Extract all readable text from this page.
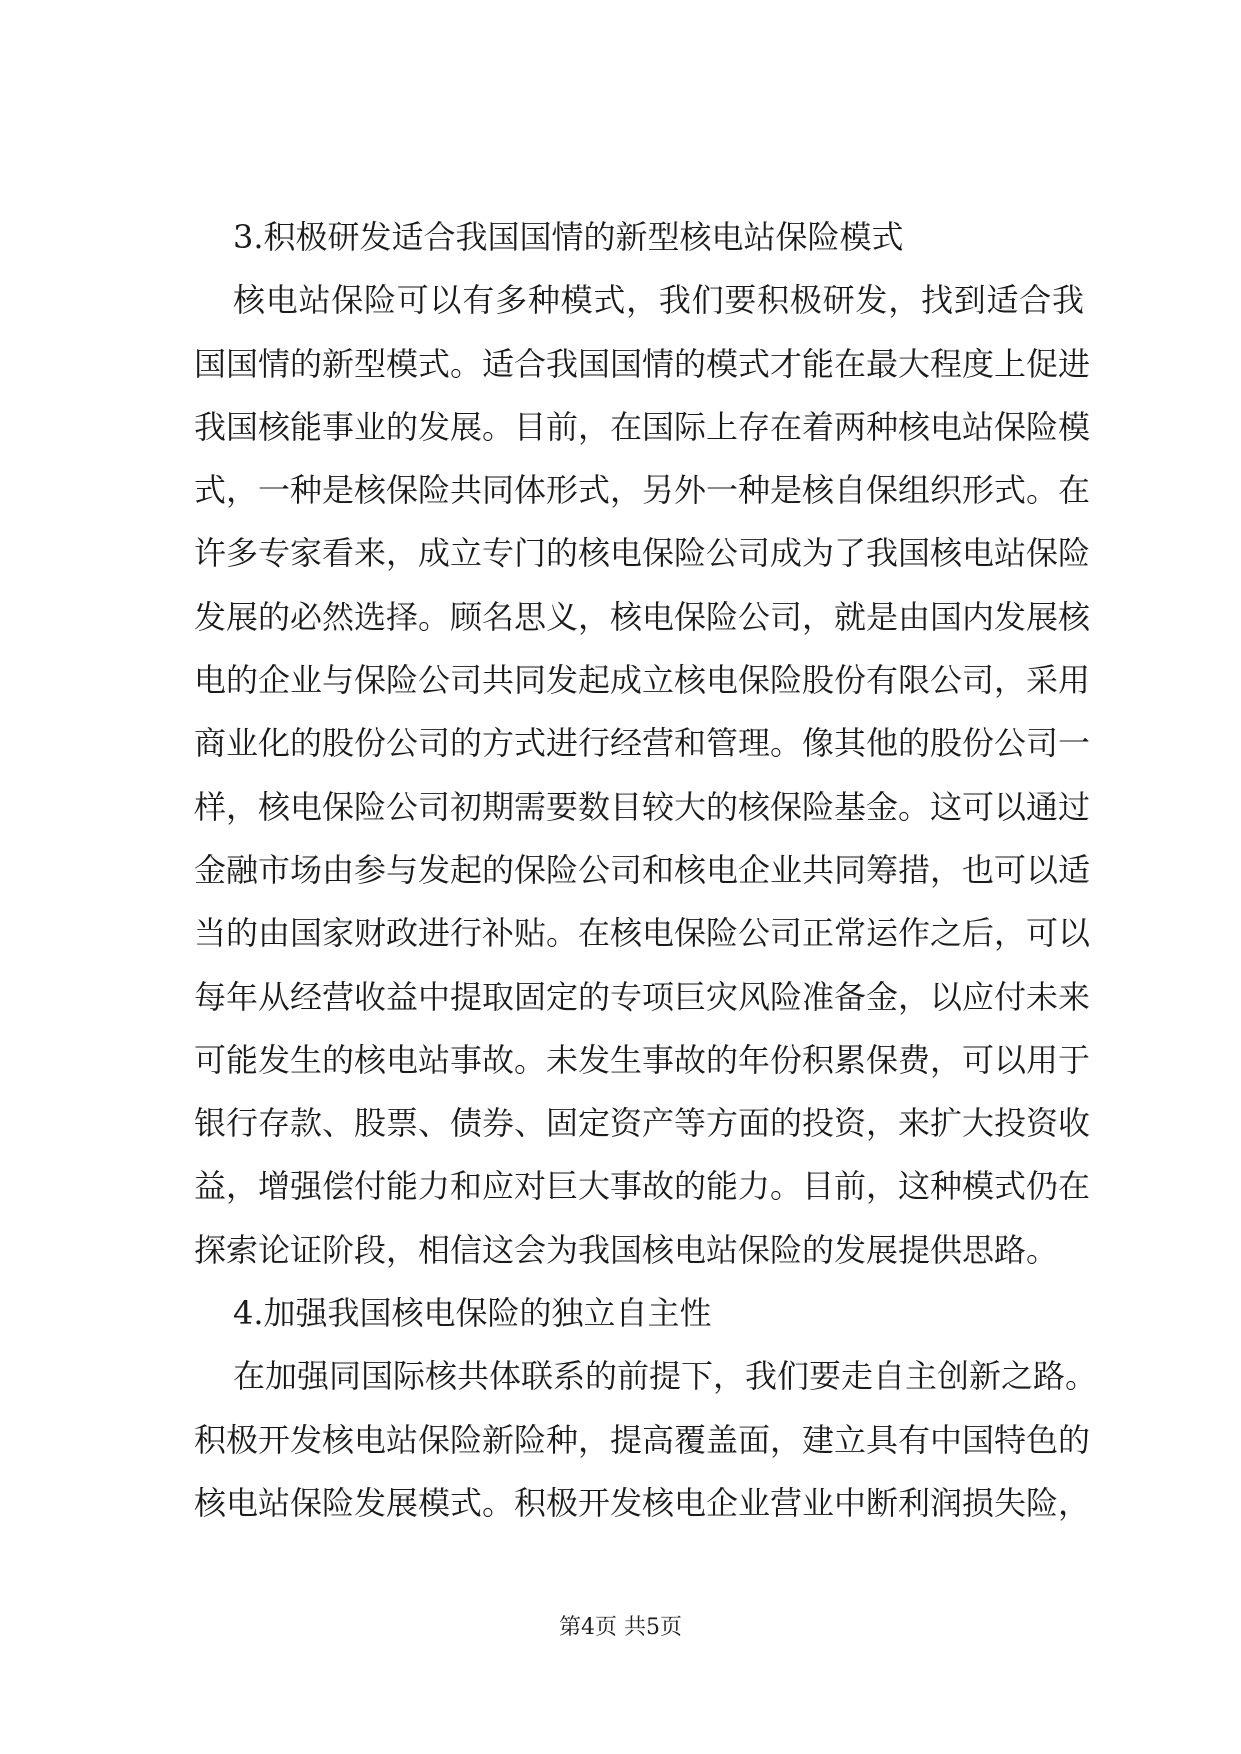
3.积极研发适合我国国情的新型核电站保险模式
核电站保险可以有多种模式，我们要积极研发，找到适合我
国国情的新型模式。适合我国国情的模式才能在最大程度上促进
我国核能事业的发展。目前，在国际上存在着两种核电站保险模
式，一种是核保险共同体形式，另外一种是核自保组织形式。在
许多专家看来，成立专门的核电保险公司成为了我国核电站保险
发展的必然选择。顾名思义，核电保险公司，就是由国内发展核
电的企业与保险公司共同发起成立核电保险股份有限公司，采用
商业化的股份公司的方式进行经营和管理。像其他的股份公司一
样，核电保险公司初期需要数目较大的核保险基金。这可以通过
金融市场由参与发起的保险公司和核电企业共同筹措，也可以适
当的由国家财政进行补贴。在核电保险公司正常运作之后，可以
每年从经营收益中提取固定的专项巨灾风险准备金，以应付未来
可能发生的核电站事故。未发生事故的年份积累保费，可以用于
银行存款、股票、债券、固定资产等方面的投资，来扩大投资收
益，增强偿付能力和应对巨大事故的能力。目前，这种模式仍在
探索论证阶段，相信这会为我国核电站保险的发展提供思路。
4.加强我国核电保险的独立自主性
在加强同国际核共体联系的前提下，我们要走自主创新之路。
积极开发核电站保险新险种，提高覆盖面，建立具有中国特色的
核电站保险发展模式。积极开发核电企业营业中断利润损失险，
第4页 共5页
